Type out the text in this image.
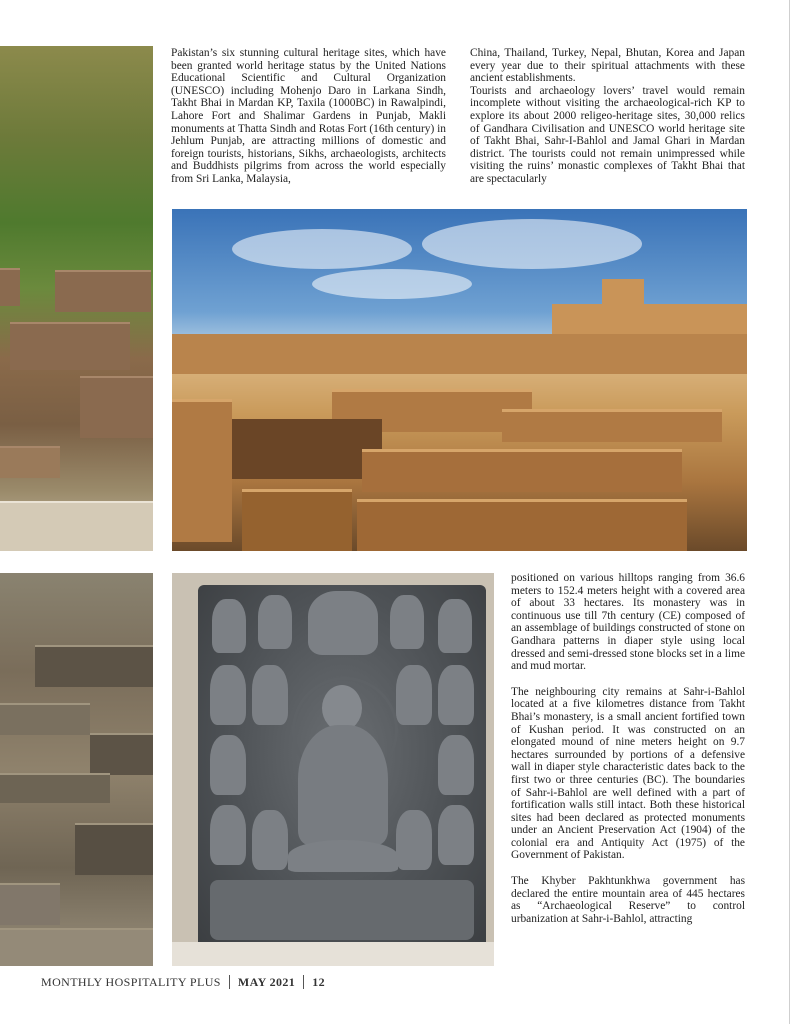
Pakistan’s six stunning cultural heritage sites, which have been granted world heritage status by the United Nations Educational Scientific and Cultural Organization (UNESCO) including Mohenjo Daro in Larkana Sindh, Takht Bhai in Mardan KP, Taxila (1000BC) in Rawalpindi, Lahore Fort and Shalimar Gardens in Punjab, Makli monuments at Thatta Sindh and Rotas Fort (16th century) in Jehlum Punjab, are attracting millions of domestic and foreign tourists, historians, Sikhs, archaeologists, architects and Buddhists pilgrims from across the world especially from Sri Lanka, Malaysia,

China, Thailand, Turkey, Nepal, Bhutan, Korea and Japan every year due to their spiritual attachments with these ancient establishments.

Tourists and archaeology lovers’ travel would remain incomplete without visiting the archaeological-rich KP to explore its about 2000 religeo-heritage sites, 30,000 relics of Gandhara Civilisation and UNESCO world heritage site of Takht Bhai, Sahr-I-Bahlol and Jamal Ghari in Mardan district. The tourists could not remain unimpressed while visiting the ruins’ monastic complexes of Takht Bhai that are spectacularly

positioned on various hilltops ranging from 36.6 meters to 152.4 meters height with a covered area of about 33 hectares. Its monastery was in continuous use till 7th century (CE) composed of an assemblage of buildings constructed of stone on Gandhara patterns in diaper style using local dressed and semi-dressed stone blocks set in a lime and mud mortar.

The neighbouring city remains at Sahr-i-Bahlol located at a five kilometres distance from Takht Bhai’s monastery, is a small ancient fortified town of Kushan period. It was constructed on an elongated mound of nine meters height on 9.7 hectares surrounded by portions of a defensive wall in diaper style characteristic dates back to the first two or three centuries (BC). The boundaries of Sahr-i-Bahlol are well defined with a part of fortification walls still intact. Both these historical sites had been declared as protected monuments under an Ancient Preservation Act (1904) of the colonial era and Antiquity Act (1975) of the Government of Pakistan.

The Khyber Pakhtunkhwa government has declared the entire mountain area of 445 hectares as “Archaeological Reserve” to control urbanization at Sahr-i-Bahlol, attracting

MONTHLY HOSPITALITY PLUS MAY 2021 12
